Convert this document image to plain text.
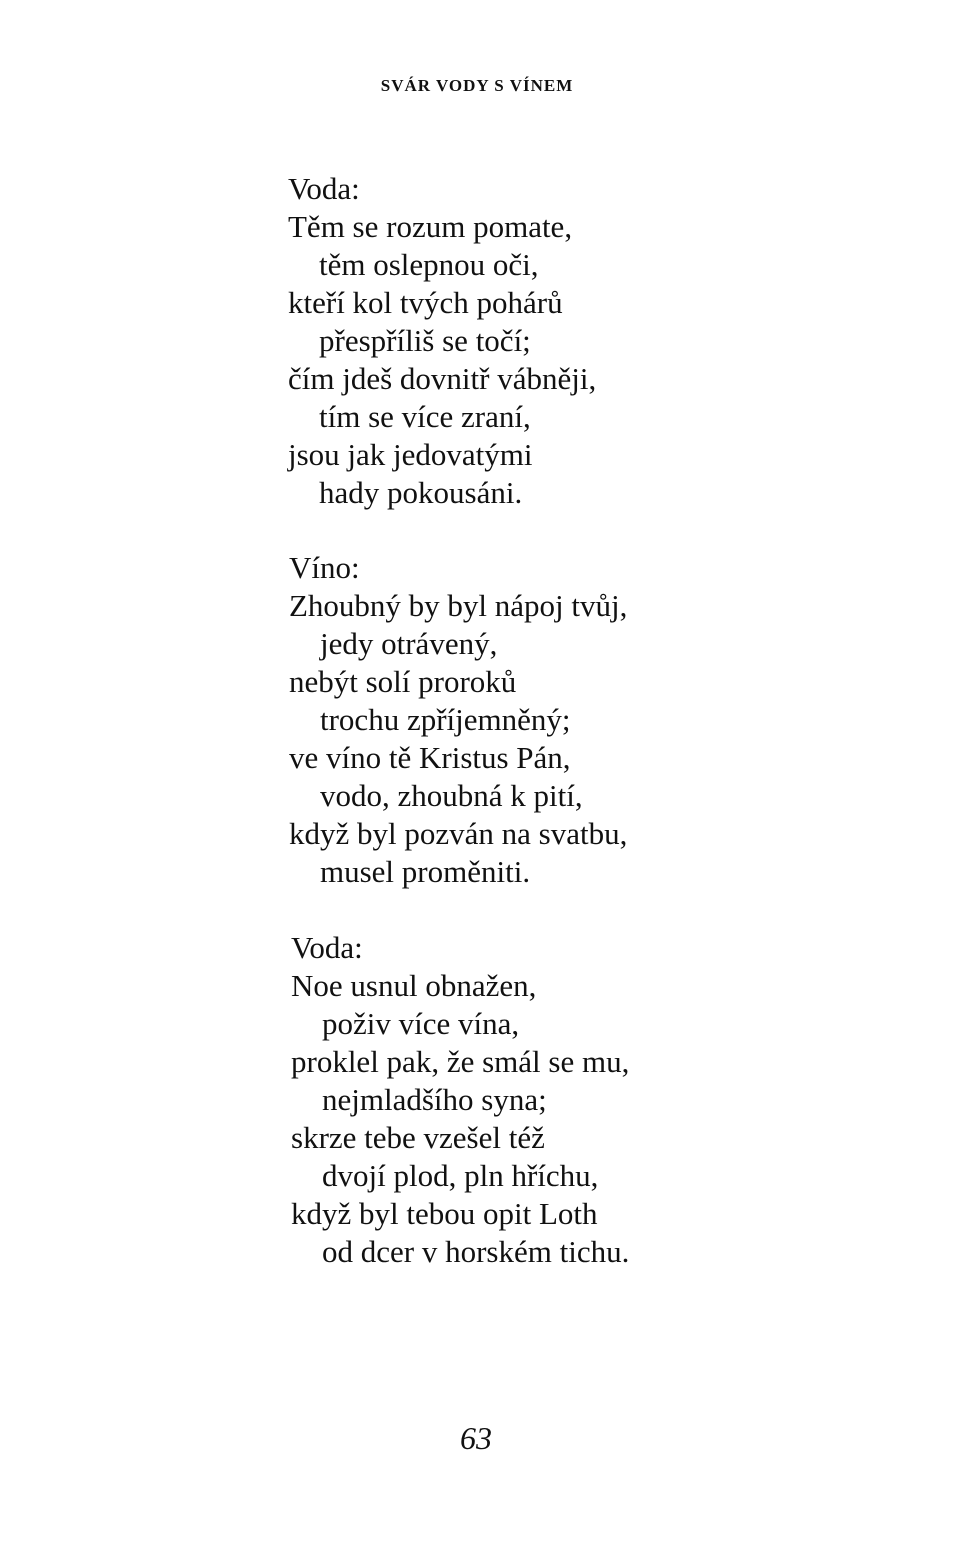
SVÁR VODY S VÍNEM
Voda:
Těm se rozum pomate,
těm oslepnou oči,
kteří kol tvých pohárů
přespříliš se točí;
čím jdeš dovnitř vábněji,
tím se více zraní,
jsou jak jedovatými
hady pokousáni.
Víno:
Zhoubný by byl nápoj tvůj,
jedy otrávený,
nebýt solí proroků
trochu zpříjemněný;
ve víno tě Kristus Pán,
vodo, zhoubná k pití,
když byl pozván na svatbu,
musel proměniti.
Voda:
Noe usnul obnažen,
poživ více vína,
proklel pak, že smál se mu,
nejmladšího syna;
skrze tebe vzešel též
dvojí plod, pln hříchu,
když byl tebou opit Loth
od dcer v horském tichu.
63
